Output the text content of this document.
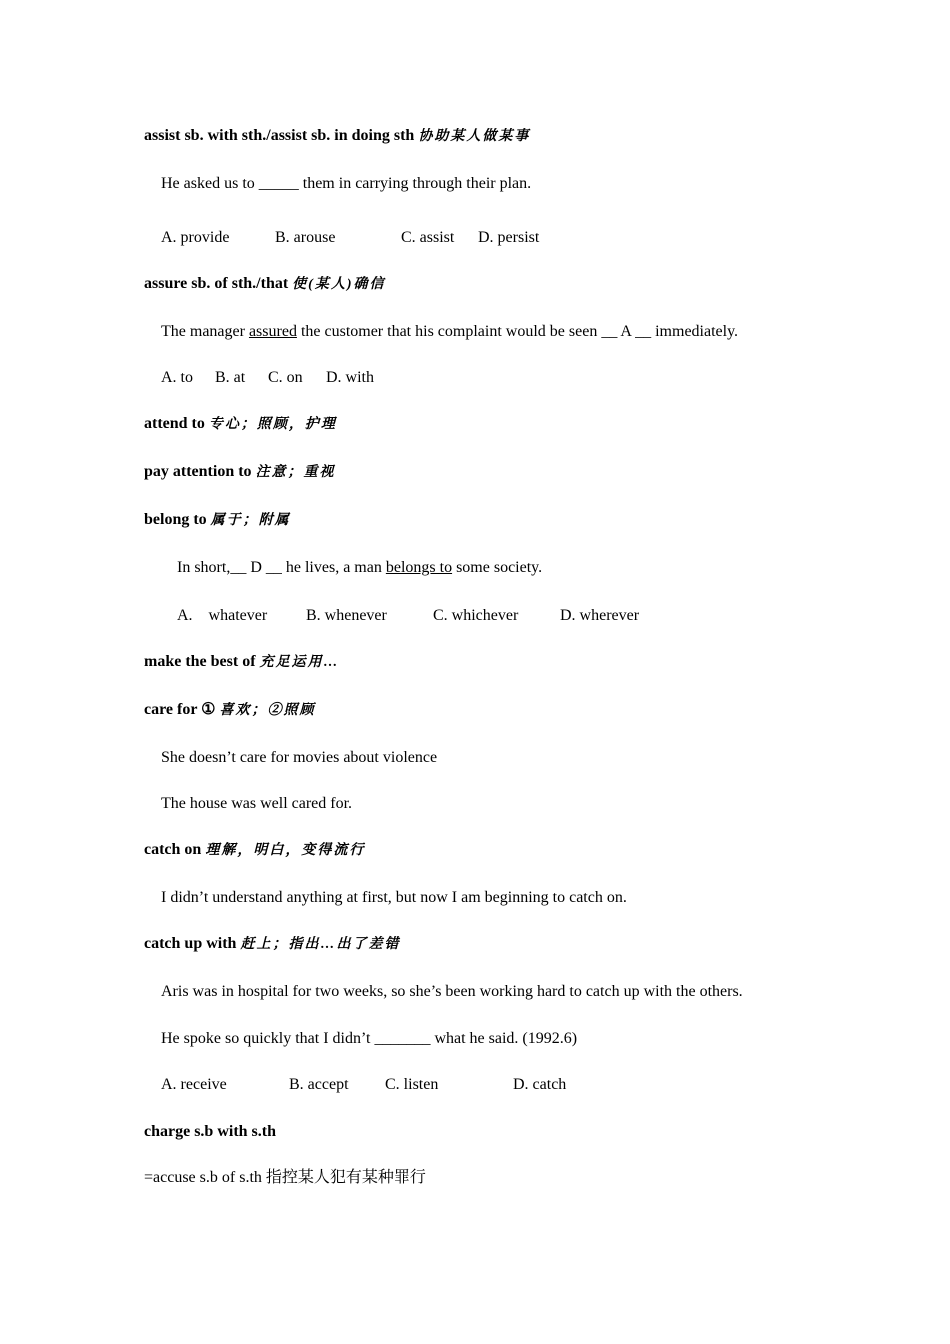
assist sb. with sth./assist sb. in doing sth 协助某人做某事
He asked us to _____ them in carrying through their plan.
A. provide	B. arouse	C. assist D. persist
assure sb. of sth./that 使(某人)确信
The manager assured the customer that his complaint would be seen __ A __ immediately.
A. to B. at C. on D. with
attend to 专心；照顾，护理
pay attention to 注意；重视
belong to 属于；附属
In short,__ D __ he lives, a man belongs to some society.
A.    whatever B. whenever	C. whichever	D. wherever
make the best of 充足运用…
care for ① 喜欢；②照顾
She doesn’t care for movies about violence
The house was well cared for.
catch on 理解，明白，变得流行
I didn’t understand anything at first, but now I am beginning to catch on.
catch up with 赶上；指出…出了差错
Aris was in hospital for two weeks, so she’s been working hard to catch up with the others.
He spoke so quickly that I didn’t _______ what he said. (1992.6)
A. receive	B. accept C. listen	D. catch
charge s.b with s.th
=accuse s.b of s.th 指控某人犯有某种罪行
